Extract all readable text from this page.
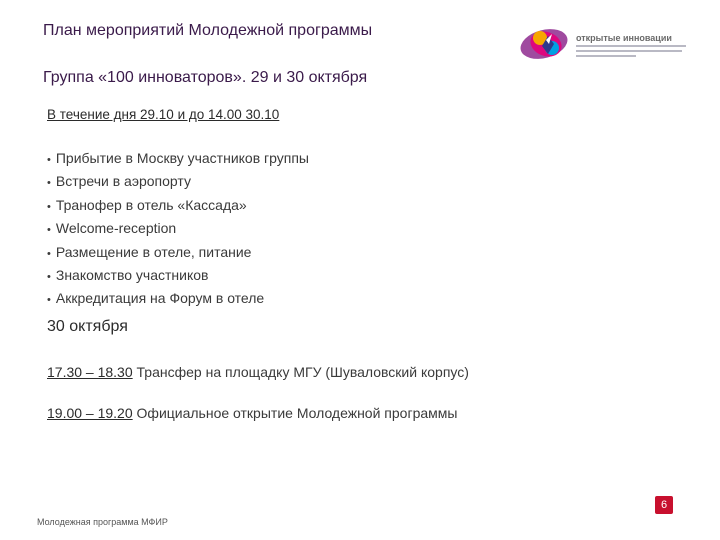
План мероприятий Молодежной программы	открытые инновации
Группа «100 инноваторов». 29 и 30 октября
В течение дня 29.10 и до 14.00 30.10
• Прибытие в Москву участников группы
• Встречи в аэропорту
• Транофер в отель «Кассада»
• Welcome-reception
• Размещение в отеле, питание
• Знакомство участников
• Аккредитация на Форум в отеле
30 октября
17.30 – 18.30 Трансфер на площадку МГУ (Шуваловский корпус)
19.00 – 19.20 Официальное открытие Молодежной программы
6
Молодежная программа МФИР
